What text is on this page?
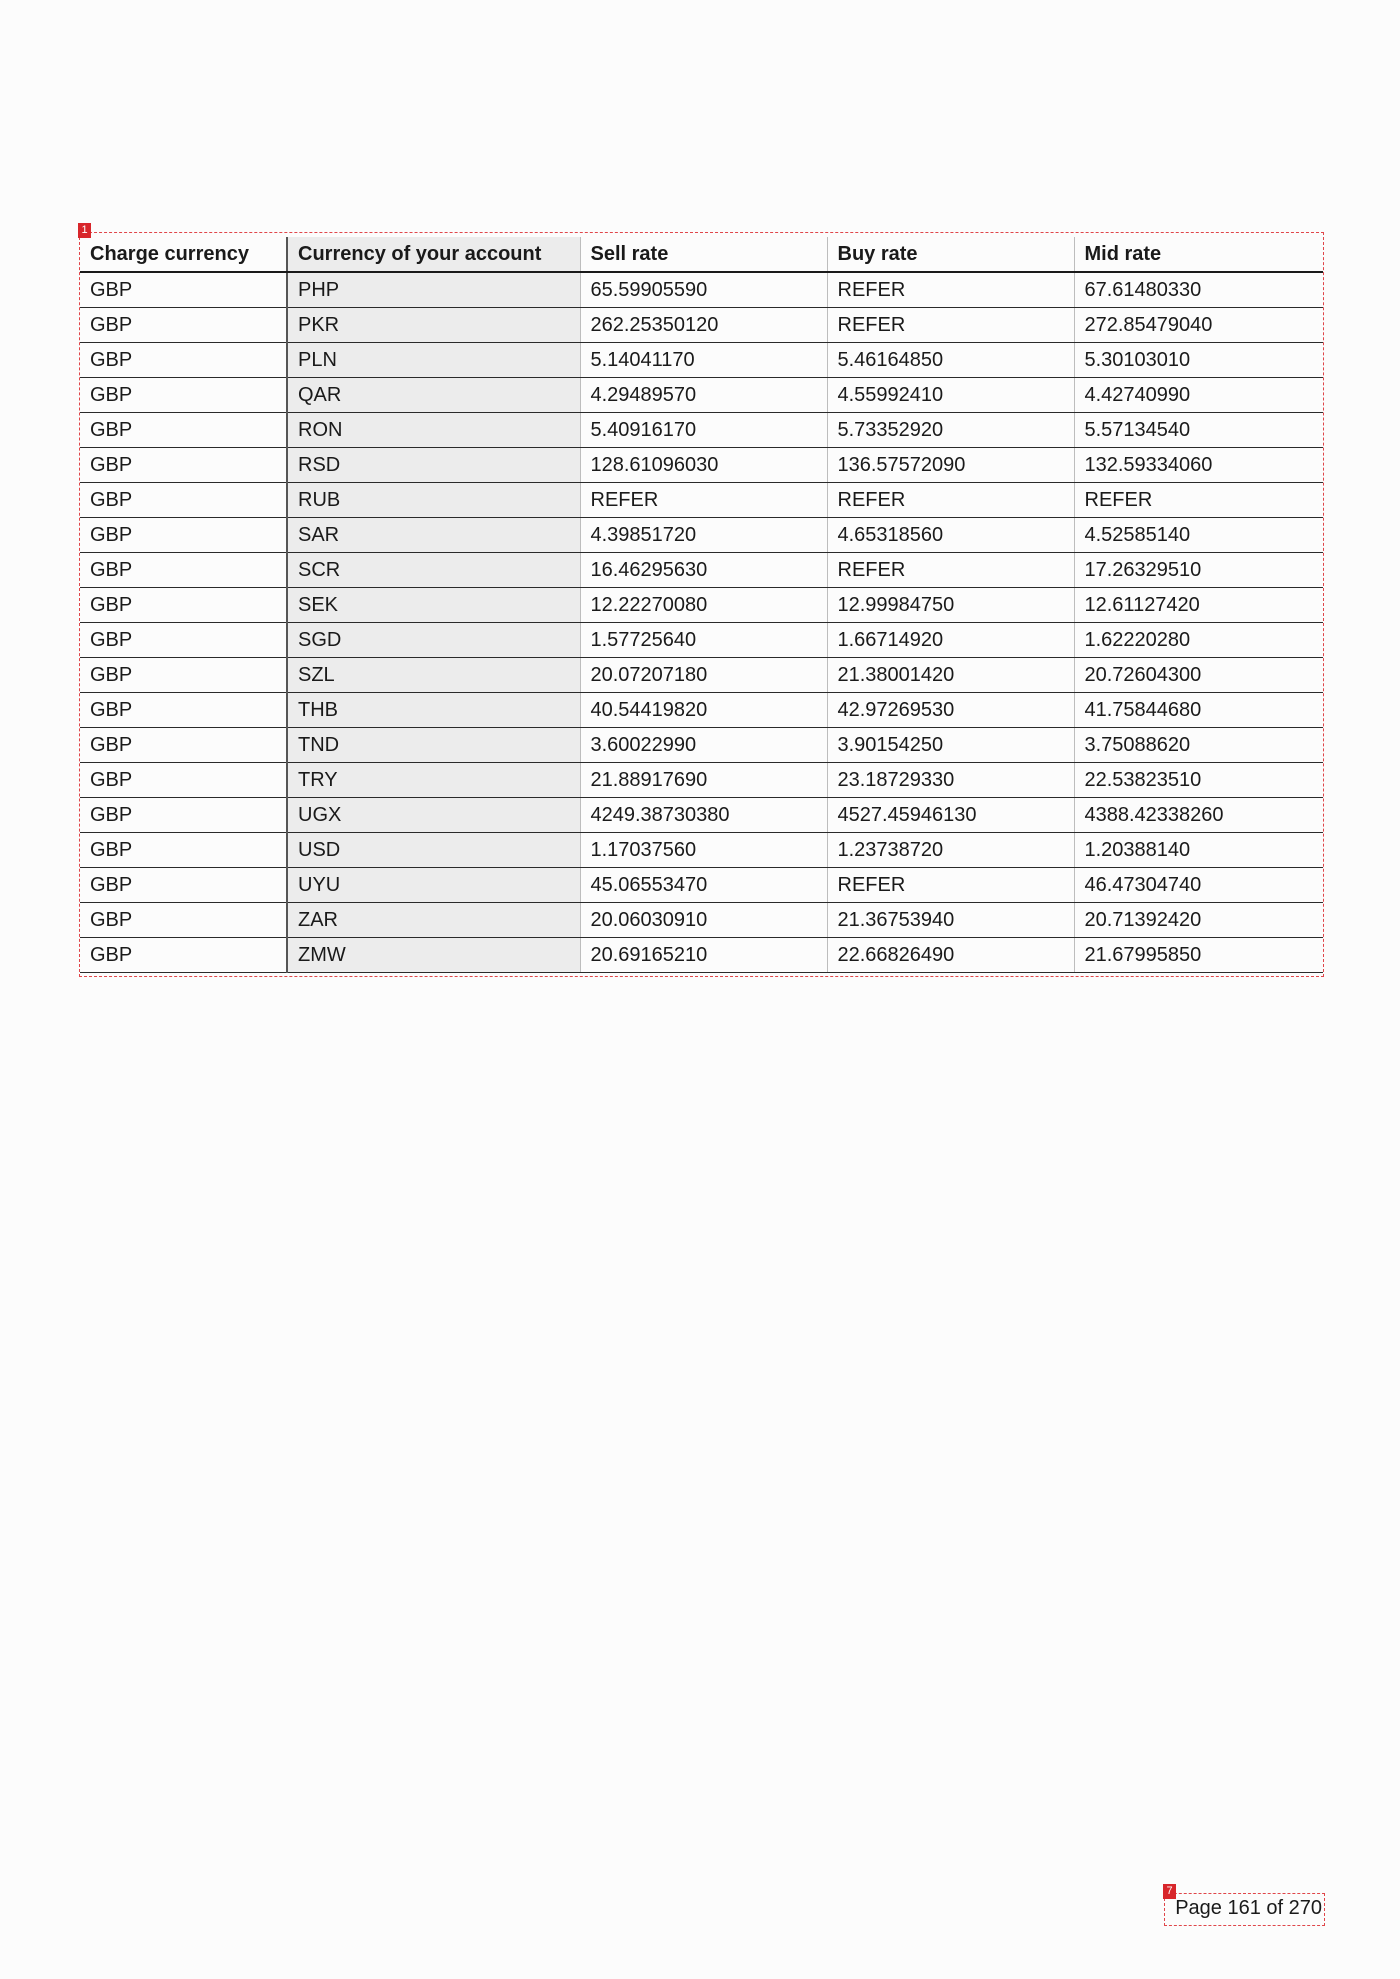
1
Charge currency	Currency of your account	Sell rate	Buy rate	Mid rate
GBP	PHP	65.59905590	REFER	67.61480330
GBP	PKR	262.25350120	REFER	272.85479040
GBP	PLN	5.14041170	5.46164850	5.30103010
GBP	QAR	4.29489570	4.55992410	4.42740990
GBP	RON	5.40916170	5.73352920	5.57134540
GBP	RSD	128.61096030	136.57572090	132.59334060
GBP	RUB	REFER	REFER	REFER
GBP	SAR	4.39851720	4.65318560	4.52585140
GBP	SCR	16.46295630	REFER	17.26329510
GBP	SEK	12.22270080	12.99984750	12.61127420
GBP	SGD	1.57725640	1.66714920	1.62220280
GBP	SZL	20.07207180	21.38001420	20.72604300
GBP	THB	40.54419820	42.97269530	41.75844680
GBP	TND	3.60022990	3.90154250	3.75088620
GBP	TRY	21.88917690	23.18729330	22.53823510
GBP	UGX	4249.38730380	4527.45946130	4388.42338260
GBP	USD	1.17037560	1.23738720	1.20388140
GBP	UYU	45.06553470	REFER	46.47304740
GBP	ZAR	20.06030910	21.36753940	20.71392420
GBP	ZMW	20.69165210	22.66826490	21.67995850
7
Page 161 of 270
